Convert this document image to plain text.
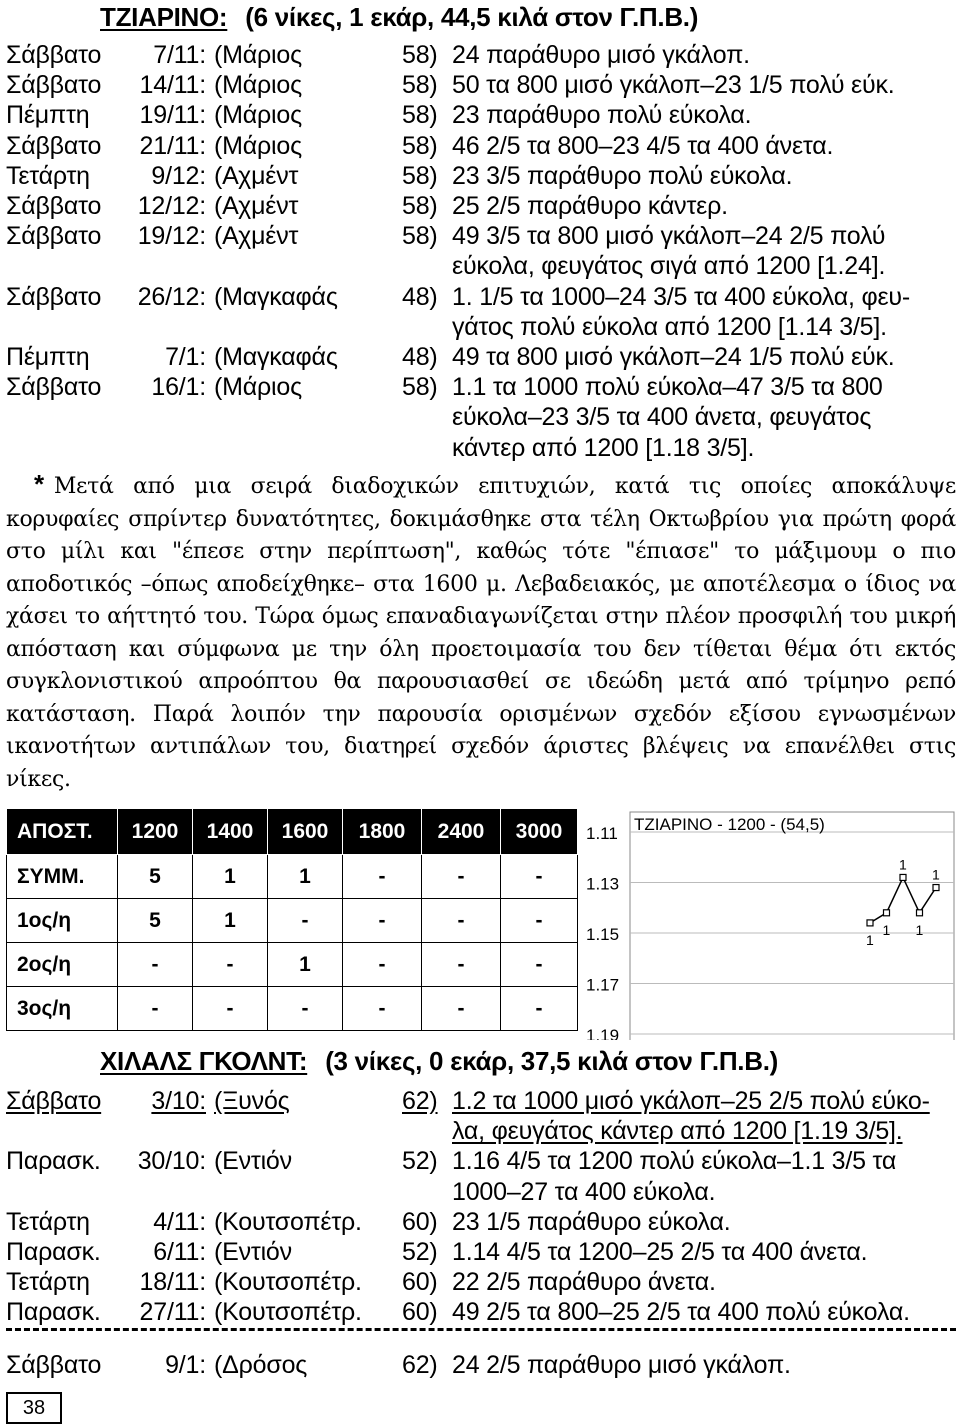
ΤΖΙΑΡΙΝΟ: (6 νίκες, 1 εκάρ, 44,5 κιλά στον Γ.Π.Β.)
Σάββατο	7/11: (Μάριος	58) 24 παράθυρο μισό γκάλοπ.
Σάββατο	14/11: (Μάριος	58) 50 τα 800 μισό γκάλοπ–23 1/5 πολύ εύκ.
Πέμπτη	19/11: (Μάριος	58) 23 παράθυρο πολύ εύκολα.
Σάββατο	21/11: (Μάριος	58) 46 2/5 τα 800–23 4/5 τα 400 άνετα.
Τετάρτη	9/12: (Αχμέντ	58) 23 3/5 παράθυρο πολύ εύκολα.
Σάββατο	12/12: (Αχμέντ	58) 25 2/5 παράθυρο κάντερ.
Σάββατο	19/12: (Αχμέντ	58) 49 3/5 τα 800 μισό γκάλοπ–24 2/5 πολύ
εύκολα, φευγάτος σιγά από 1200 [1.24].
Σάββατο	26/12: (Μαγκαφάς	48) 1. 1/5 τα 1000–24 3/5 τα 400 εύκολα, φευ-
γάτος πολύ εύκολα από 1200 [1.14 3/5].
Πέμπτη	7/1: (Μαγκαφάς	48) 49 τα 800 μισό γκάλοπ–24 1/5 πολύ εύκ.
Σάββατο	16/1: (Μάριος	58) 1.1 τα 1000 πολύ εύκολα–47 3/5 τα 800
εύκολα–23 3/5 τα 400 άνετα, φευγάτος
κάντερ από 1200 [1.18 3/5].
* Μετά από μια σειρά διαδοχικών επιτυχιών, κατά τις οποίες αποκάλυψε κορυφαίες σπρίντερ δυνατότητες, δοκιμάσθηκε στα τέλη Οκτωβρίου για πρώτη φορά στο μίλι και "έπεσε στην περίπτωση", καθώς τότε "έπιασε" το μάξιμουμ ο πιο αποδοτικός –όπως αποδείχθηκε– στα 1600 μ. Λεβαδειακός, με αποτέλεσμα ο ίδιος να χάσει το αήττητό του. Τώρα όμως επαναδιαγωνίζεται στην πλέον προσφιλή του μικρή απόσταση και σύμφωνα με την όλη προετοιμασία του δεν τίθεται θέμα ότι εκτός συγκλονιστικού απροόπτου θα παρουσιασθεί σε ιδεώδη μετά από τρίμηνο ρεπό κατάσταση. Παρά λοιπόν την παρουσία ορισμένων σχεδόν εξίσου εγνωσμένων ικανοτήτων αντιπάλων του, διατηρεί σχεδόν άριστες βλέψεις να επανέλθει στις νίκες.
ΑΠΟΣΤ.	1200	1400	1600	1800	2400	3000
ΣΥΜΜ.	5	1	1	-	-	-
1ος/η	5	1	-	-	-	-
2ος/η	-	-	1	-	-	-
3ος/η	-	-	-	-	-	-
1.11
1.13
1.15
1.17
1.19
ΤΖΙΑΡΙΝΟ - 1200 - (54,5)
1
1
1
1
1
ΧΙΛΑΛΣ ΓΚΟΛΝΤ: (3 νίκες, 0 εκάρ, 37,5 κιλά στον Γ.Π.Β.)
Σάββατο	3/10: (Ξυνός	62) 1.2 τα 1000 μισό γκάλοπ–25 2/5 πολύ εύκο-
λα, φευγάτος κάντερ από 1200 [1.19 3/5].
Παρασκ.	30/10: (Εντιόν	52) 1.16 4/5 τα 1200 πολύ εύκολα–1.1 3/5 τα
1000–27 τα 400 εύκολα.
Τετάρτη	4/11: (Κουτσοπέτρ. 60) 23 1/5 παράθυρο εύκολα.
Παρασκ.	6/11: (Εντιόν	52) 1.14 4/5 τα 1200–25 2/5 τα 400 άνετα.
Τετάρτη	18/11: (Κουτσοπέτρ. 60) 22 2/5 παράθυρο άνετα.
Παρασκ.	27/11: (Κουτσοπέτρ. 60) 49 2/5 τα 800–25 2/5 τα 400 πολύ εύκολα.
Σάββατο	9/1: (Δρόσος	62) 24 2/5 παράθυρο μισό γκάλοπ.
38
